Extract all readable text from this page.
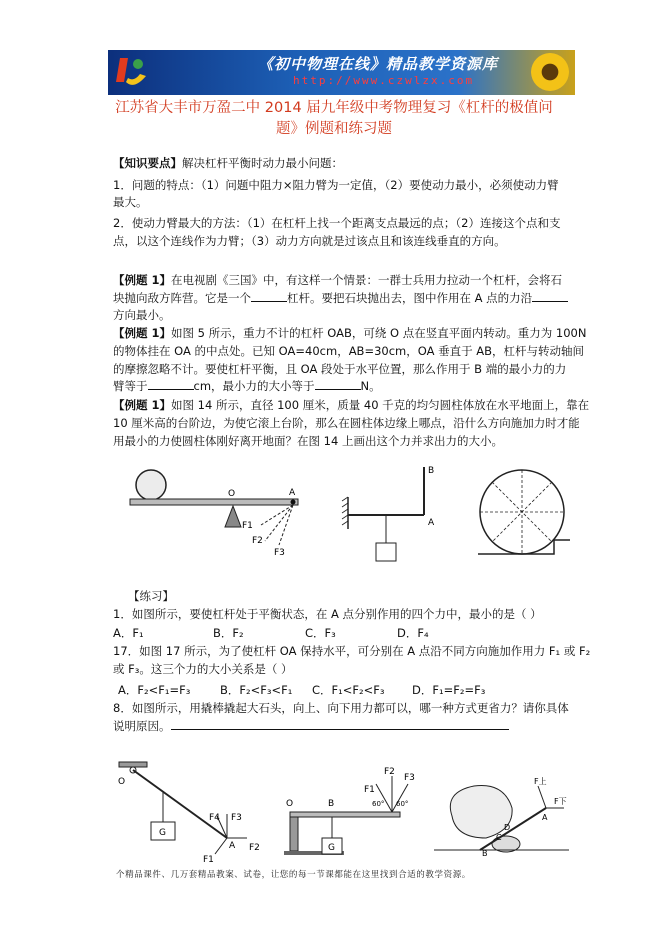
《初中物理在线》精品教学资源库
http://www.czwlzx.com
江苏省大丰市万盈二中 2014 届九年级中考物理复习《杠杆的极值问
题》例题和练习题
【知识要点】解决杠杆平衡时动力最小问题：
1．问题的特点：（1）问题中阻力×阻力臂为一定值，（2）要使动力最小，必须使动力臂
最大。
2．使动力臂最大的方法：（1）在杠杆上找一个距离支点最远的点；（2）连接这个点和支
点，以这个连线作为力臂；（3）动力方向就是过该点且和该连线垂直的方向。
【例题 1】在电视剧《三国》中，有这样一个情景：一群士兵用力拉动一个杠杆，会将石
块抛向敌方阵营。它是一个	杠杆。要把石块抛出去，图中作用在 A 点的力沿
方向最小。
【例题 1】如图 5 所示，重力不计的杠杆 OAB，可绕 O 点在竖直平面内转动。重力为 100N
的物体挂在 OA 的中点处。已知 OA=40cm，AB=30cm，OA 垂直于 AB，杠杆与转动轴间
的摩擦忽略不计。要使杠杆平衡，且 OA 段处于水平位置，那么作用于 B 端的最小力的力
臂等于	cm，最小力的大小等于	N。
【例题 1】如图 14 所示，直径 100 厘米，质量 40 千克的均匀圆柱体放在水平地面上，靠在
10 厘米高的台阶边，为使它滚上台阶，那么在圆柱体边缘上哪点，沿什么方向施加力时才能
用最小的力使圆柱体刚好离开地面？在图 14 上画出这个力并求出力的大小。
O	A
F1
F2
F3
B
A
【练习】
1．如图所示，要使杠杆处于平衡状态，在 A 点分别作用的四个力中，最小的是（ ）
A．F₁	B．F₂	C．F₃	D．F₄
17．如图 17 所示，为了使杠杆 OA 保持水平，可分别在 A 点沿不同方向施加作用力 F₁ 或 F₂
或 F₃。这三个力的大小关系是（ ）
A．F₂<F₁=F₃	B．F₂<F₃<F₁ C．F₁<F₂<F₃ D．F₁=F₂=F₃
8．如图所示，用撬棒撬起大石头，向上、向下用力都可以，哪一种方式更省力？请你具体
说明原因。
O
G
A
F4 F3
F2
F1
O	B
G
F1
F2
F3
60° 60°
F上
F下
A
B
C
D
个精品课件、几万套精品教案、试卷，让您的每一节课都能在这里找到合适的教学资源。
